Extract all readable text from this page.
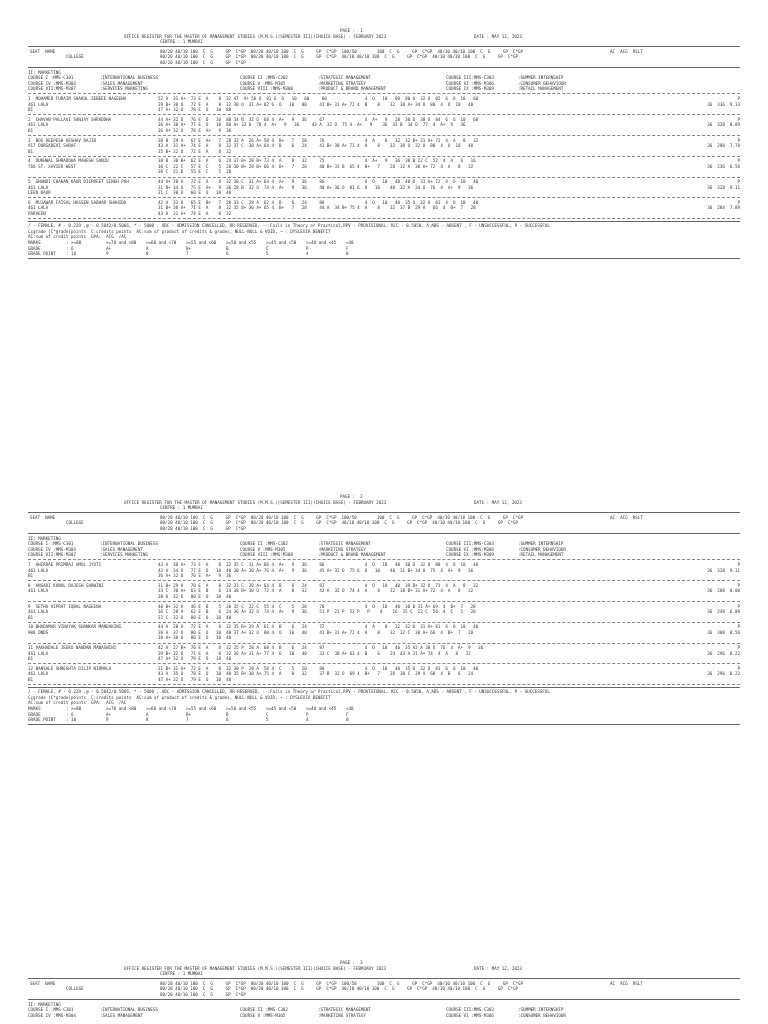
PAGE :  1
OFFICE REGISTER FOR THE MASTER OF MANAGEMENT STUDIES (M.M.S.)(SEMESTER III)(CHOICE BASE) - FEBRUARY 2023	DATE : MAY 12, 2023
CENTRE : 1 MUMBAI
SEAT  NAME	80/20 40/10 100  C  G     GP  C*GP  80/20 40/10 100  C  G     GP  C*GP  100/50        100  C  G     GP  C*GP  40/10 40/10 100  C  G     GP  C*GP	AC  ACG  RSLT
COLLEGE	80/20 40/10 100  C  G     GP  C*GP  80/20 40/10 100  C  G     GP  C*GP  40/10 40/10 100  C  G     GP  C*GP  40/10 40/10 100  C  G     GP  C*GP
80/20 40/10 100  C  G     GP  C*GP
II: MARKETING
COURSE I :MMS-C301	:INTERNATIONAL BUSINESS	COURSE II :MMS-C302	:STRATEGIC MANAGEMENT	COURSE III:MMS-C303	:SUMMER INTERNSHIP
COURSE IV :MMS-M304	:SALES MANAGEMENT	COURSE V :MMS-M305	:MARKETING STRATEGY	COURSE VI :MMS-M306	:CONSUMER BEHAVIOUR
COURSE VII:MMS-M307	:SERVICES MARKETING	COURSE VIII :MMS-M308	:PRODUCT & BRAND MANAGEMENT	COURSE IX :MMS-M309	:RETAIL MANAGEMENT
1  MOHAMED FURAIM SHAKUL ZEBEEE NAGEENA	52 A  31 A+  73 E  A    8  32 47  A+ 56 O  81 6  O   10   60     80               4  O   10   80  80 O  32 O  82  6  O  10   60	P
461 LALA	39 B+ 30 O   72 E  A    8  32 30 O  31 A+ 82 6  O   10   80     41 B+ 31 A+ 72 4  B    8    32  38 A+ 34 O  80  4  O  10   40	36  336  9.33
B1	47 A+ 32 O   78 E  O   10  80
2  CHAVAN PALLAVI SANJAY SHRADDHA	44 A+ 32 O   76 E  O   10  80 34 B  32 O  68 4  A+   9   36     67                4  A+   9   28  30 O  30 O  84  6  O  10   60	P
461 LALA	36 A+ 30 A+  77 E  O   10  80 A+ 33 O  78 4  A+   9   36     43 A  32 O  75 4  A+   9    36  33 B  34 O  77  4  A+  9   36	36  320  8.89
B1	36 A+ 32 O   78 E  A+   9  36
3  BOS DEEPESH KESHAV RAJIB	38 B  29 A   67 E  A+   7  28 32 A  26 A+ 58 4  B+   7   28     76                4  A    8   32  32 B+ 31 A+ 72  4  A   8   32	P
917 DURGADEVI SARAF	43 A  31 A+  74 E  A    8  32 37 C  30 A+ 64 4  B    6   24     41 B+ 30 A+ 71 4  A    8    32  38 O  32 O  80  4  O  10   40	36  280  7.78
B1	35 B+ 32 O   72 E  A    8  32
4  DUKHWAL SHRADDHA MAHESH SANJU	38 B  30 B+  62 E  A    6  24 37 B+ 28 B+ 73 4  A    8   32     75                4  A+   9   36  30 B 22 C  52  4  A   6   16	P
766 ST. XAVIER WEST	36 C  22 C   57 E  C    5  20 30 B+ 28 B+ 66 4  B+   7   28     40 B+ 33 B  65 4  B+   7    28  32 A  30 A+ 72  4  A   8   32	36  236  6.56
36 C  21 D   55 E  C    5  20
5  GHANDI CHAKAN KAUR DILPREET SINGH PAH	44 A+ 28 A   72 E  A    8  32 30 C  31 A+ 64 4  A+   9   36     86                4  O   10   40  40 O  31 A+ 72  4  O  10   40	P
461 LALA	31 B+ 34 O   75 E  A+   9  36 28 B  32 O  74 4  A+   9   36     40 A+ 36 O  81 6  O   10    40  32 A  34 O  76  4  A+  9   36	36  328  9.11
LEEN KAUR	31 C  30 O   60 E  O   10  40
6  MUJAWAR FAISAL HUSSEN SABHAR SHAHIDA	42 A  33 O   65 E  B+   7  28 33 C  28 A  62 4  B    6   24     88                4  O   10   40  35 O  32 O  81  4  O  10   40	P
461 LALA	31 B+ 30 A+  71 E  A    8  32 35 B+ 30 A+ 65 4  B+   7   28     44 A  34 B+ 75 4  A    8    32  37 B  29 A   66  4  B+  7   28	36  284  7.89
PARVEEN	43 A  31 A+  74 E  A    8  32
/ - FEMALE, # - 0.229 ,@ - 0.5042/0.5066, * - 5000 , ADC - ADMISSION CANCELLED, RR-RESERVED, --:Fails in Theory or Practical,RPV - PROVISIONAL, RCC - 0.5050, A,ABS - ABSENT , F - UNSUCCESSFUL, P - SUCCESSFUL
Ccgrade (C*grade)points  C:credits points  AC:sum of product of credits & grades, NULL-NULL & VOID, ~ : DYSLEXIA BENEFIT
AC:sum of credit points  GPA:  ACG  /AC
MARKS	: >=80	>=70 and <80	>=60 and <70	>=55 and <60	>=50 and <55	>=45 and <50	>=40 and <45	<40
GRADE	: O	A+	A	B+	B	C	P	F
GRADE POINT	: 10	9	8	7	6	5	4	0
PAGE :  2
OFFICE REGISTER FOR THE MASTER OF MANAGEMENT STUDIES (M.M.S.)(SEMESTER III)(CHOICE BASE) - FEBRUARY 2023	DATE : MAY 12, 2023
CENTRE : 1 MUMBAI
SEAT  NAME	80/20 40/10 100  C  G     GP  C*GP  80/20 40/10 100  C  G     GP  C*GP  100/50        100  C  G     GP  C*GP  40/10 40/10 100  C  G     GP  C*GP	AC  ACG  RSLT
COLLEGE	80/20 40/10 100  C  G     GP  C*GP  80/20 40/10 100  C  G     GP  C*GP  40/10 40/10 100  C  G     GP  C*GP  40/10 40/10 100  C  G     GP  C*GP
80/20 40/10 100  C  G     GP  C*GP
II: MARKETING
COURSE I :MMS-C301	:INTERNATIONAL BUSINESS	COURSE II :MMS-C302	:STRATEGIC MANAGEMENT	COURSE III:MMS-C303	:SUMMER INTERNSHIP
COURSE IV :MMS-M304	:SALES MANAGEMENT	COURSE V :MMS-M305	:MARKETING STRATEGY	COURSE VI :MMS-M306	:CONSUMER BEHAVIOUR
COURSE VII:MMS-M307	:SERVICES MARKETING	COURSE VIII :MMS-M308	:PRODUCT & BRAND MANAGEMENT	COURSE IX :MMS-M309	:RETAIL MANAGEMENT
7  AHIRRAE PRIMRAJ AMOL JYOTI	43 A  30 A+  73 E  A    8  32 35 C  31 A+ 66 4  A+   9   36     86                4  O   10   40  30 O  32 O  80  4  O  10   40	P
461 LALA	43 A  34 O   77 E  O   10  40 30 A+ 30 A+ 76 4  A+   9   36     45 A+ 32 O  75 6  O   10    40  31 B+ 34 O  75  4  A+  9   36	36  328  9.11
B1	36 A+ 32 O   78 E  A+   9  36
8  ANSARI KUNAL RAJESH SARWINI	31 B+ 29 A   70 E  A    8  32 33 C  30 A+ 64 4  B    6   24     83                4  O   10   40  39 B+ 32 O  71  4  A   8   32	P
461 LALA	33 C  30 A+  63 E  B    6  24 38 B+ 30 O  72 4  A    8   32     42 A  32 O  74 4  A    8    32  38 B+ 31 A+ 72  4  A   8   32	36  288  8.00
38 O  32 O   80 E  O   10  40
9  SETHA VIPRAT IQBAL NAGEENA	40 B+ 32 A   46 E  B    5  20 35 C  22 C  55 4  C    5   20     70                4  O   10   40  38 B 31 A+ 69  4  B+  7   28	P
461 LALA	36 C  28 A   62 E  B    6  24 36 A+ 32 O  74 4  A+   9   36     51 P  21 P  52 P   P    4    16  35 C  22 C  56  4  C   5   20	36  248  6.89
B1	32 C  32 O   80 E  O   10  40
10 BHADAMAR VINAYAK SHANKAR MANDAKINI	44 A  28 A   72 E  A    8  32 35 B+ 29 A  61 4  B    6   24     72                4  A    8   32  32 O  31 A+ 81  6  O  10   40	P
908 DNDS	36 A  37 O   80 E  O   10  40 37 A+ 32 O  80 4  O   10   40     41 B+ 31 A+ 72 4  A    8    32  32 C  30 A+ 66  4  B+  7   28	36  308  8.56
36 A+ 38 O   80 E  O   10  40
11 PAKHADALE JEEKO NANDAN MANASWINI	42 A  27 B+  70 E  A    8  32 35 P  28 A  68 4  B    6   24     87                4  O   10   40  35 A2 A 30 O  76  4  A+  9   36	P
461 LALA	39 B+ 32 O   71 E  A    8  32 36 A+ 31 A+ 77 4  O   10   40     33 C  30 A+ 63 4  B    6    24  43 A 31 A+ 74  4  A   8   32	36  296  8.22
B1	47 A+ 32 O   79 E  O   10  40
12 BANSALE SHRESHTA DILIP NIRMALA	31 B+ 31 A+  72 E  A    8  32 30 P  28 A  58 4  C    5   20     88                4  O   10   40  35 O  32 O  81  6  O  10   40	P
461 LALA	43 A  35 O   78 E  O   10  40 35 B+ 30 A+ 75 4  A    8   32     37 B  32 O  69 4  B+   7    28  30 C  29 A  60  4  B   6   24	36  296  8.22
B1	47 A+ 32 O   79 E  O   10  40
/ - FEMALE, # - 0.229 ,@ - 0.5042/0.5066, * - 5000 , ADC - ADMISSION CANCELLED, RR-RESERVED, --:Fails in Theory or Practical,RPV - PROVISIONAL, RCC - 0.5050, A,ABS - ABSENT , F - UNSUCCESSFUL, P - SUCCESSFUL
Ccgrade (C*grade)points  C:credits points  AC:sum of product of credits & grades, NULL-NULL & VOID, ~ : DYSLEXIA BENEFIT
AC:sum of credit points  GPA:  ACG  /AC
MARKS	: >=80	>=70 and <80	>=60 and <70	>=55 and <60	>=50 and <55	>=45 and <50	>=40 and <45	<40
GRADE	: O	A+	A	B+	B	C	P	F
GRADE POINT	: 10	9	8	7	6	5	4	0
PAGE :  3
OFFICE REGISTER FOR THE MASTER OF MANAGEMENT STUDIES (M.M.S.)(SEMESTER III)(CHOICE BASE) - FEBRUARY 2023	DATE : MAY 12, 2023
CENTRE : 1 MUMBAI
SEAT  NAME	80/20 40/10 100  C  G     GP  C*GP  80/20 40/10 100  C  G     GP  C*GP  100/50        100  C  G     GP  C*GP  40/10 40/10 100  C  G     GP  C*GP	AC  ACG  RSLT
COLLEGE	80/20 40/10 100  C  G     GP  C*GP  80/20 40/10 100  C  G     GP  C*GP  40/10 40/10 100  C  G     GP  C*GP  40/10 40/10 100  C  G     GP  C*GP
80/20 40/10 100  C  G     GP  C*GP
II: MARKETING
COURSE I :MMS-C301	:INTERNATIONAL BUSINESS	COURSE II :MMS-C302	:STRATEGIC MANAGEMENT	COURSE III:MMS-C303	:SUMMER INTERNSHIP
COURSE IV :MMS-M304	:SALES MANAGEMENT	COURSE V :MMS-M305	:MARKETING STRATEGY	COURSE VI :MMS-M306	:CONSUMER BEHAVIOUR
